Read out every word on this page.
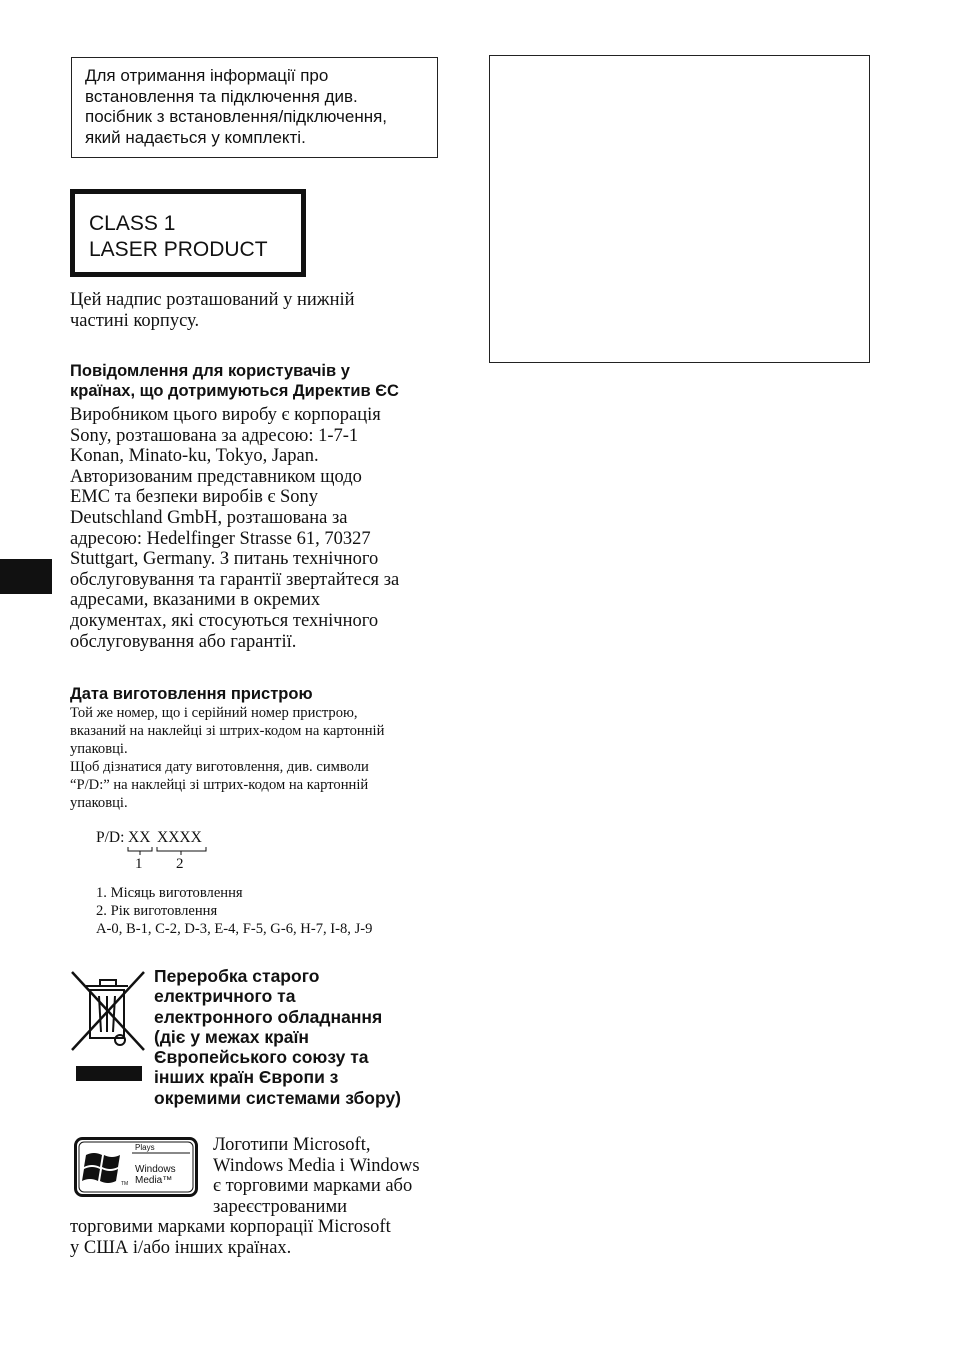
Для отримання інформації про
встановлення та підключення див.
посібник з встановлення/підключення,
який надається у комплекті.
CLASS 1
LASER PRODUCT
Цей надпис розташований у нижній
частині корпусу.
Повідомлення для користувачів у
країнах, що дотримуються Директив ЄС
Виробником цього виробу є корпорація
Sony, розташована за адресою: 1-7-1
Konan, Minato-ku, Tokyo, Japan.
Авторизованим представником щодо
EMC та безпеки виробів є Sony
Deutschland GmbH, розташована за
адресою: Hedelfinger Strasse 61, 70327
Stuttgart, Germany. З питань технічного
обслуговування та гарантії звертайтеся за
адресами, вказаними в окремих
документах, які стосуються технічного
обслуговування або гарантії.
Дата виготовлення пристрою
Той же номер, що і серійний номер пристрою,
вказаний на наклейці зі штрих-кодом на картонній
упаковці.
Щоб дізнатися дату виготовлення, див. символи
“P/D:” на наклейці зі штрих-кодом на картонній
упаковці.
P/D: XX XXXX
1 2
1. Місяць виготовлення
2. Рік виготовлення
A-0, B-1, C-2, D-3, E-4, F-5, G-6, H-7, I-8, J-9
Переробка старого
електричного та
електронного обладнання
(діє у межах країн
Європейського союзу та
інших країн Європи з
окремими системами збору)
Plays
Windows
Media™
TM
Логотипи Microsoft,
Windows Media і Windows
є торговими марками або
зареєстрованими
торговими марками корпорації Microsoft
у США і/або інших країнах.
